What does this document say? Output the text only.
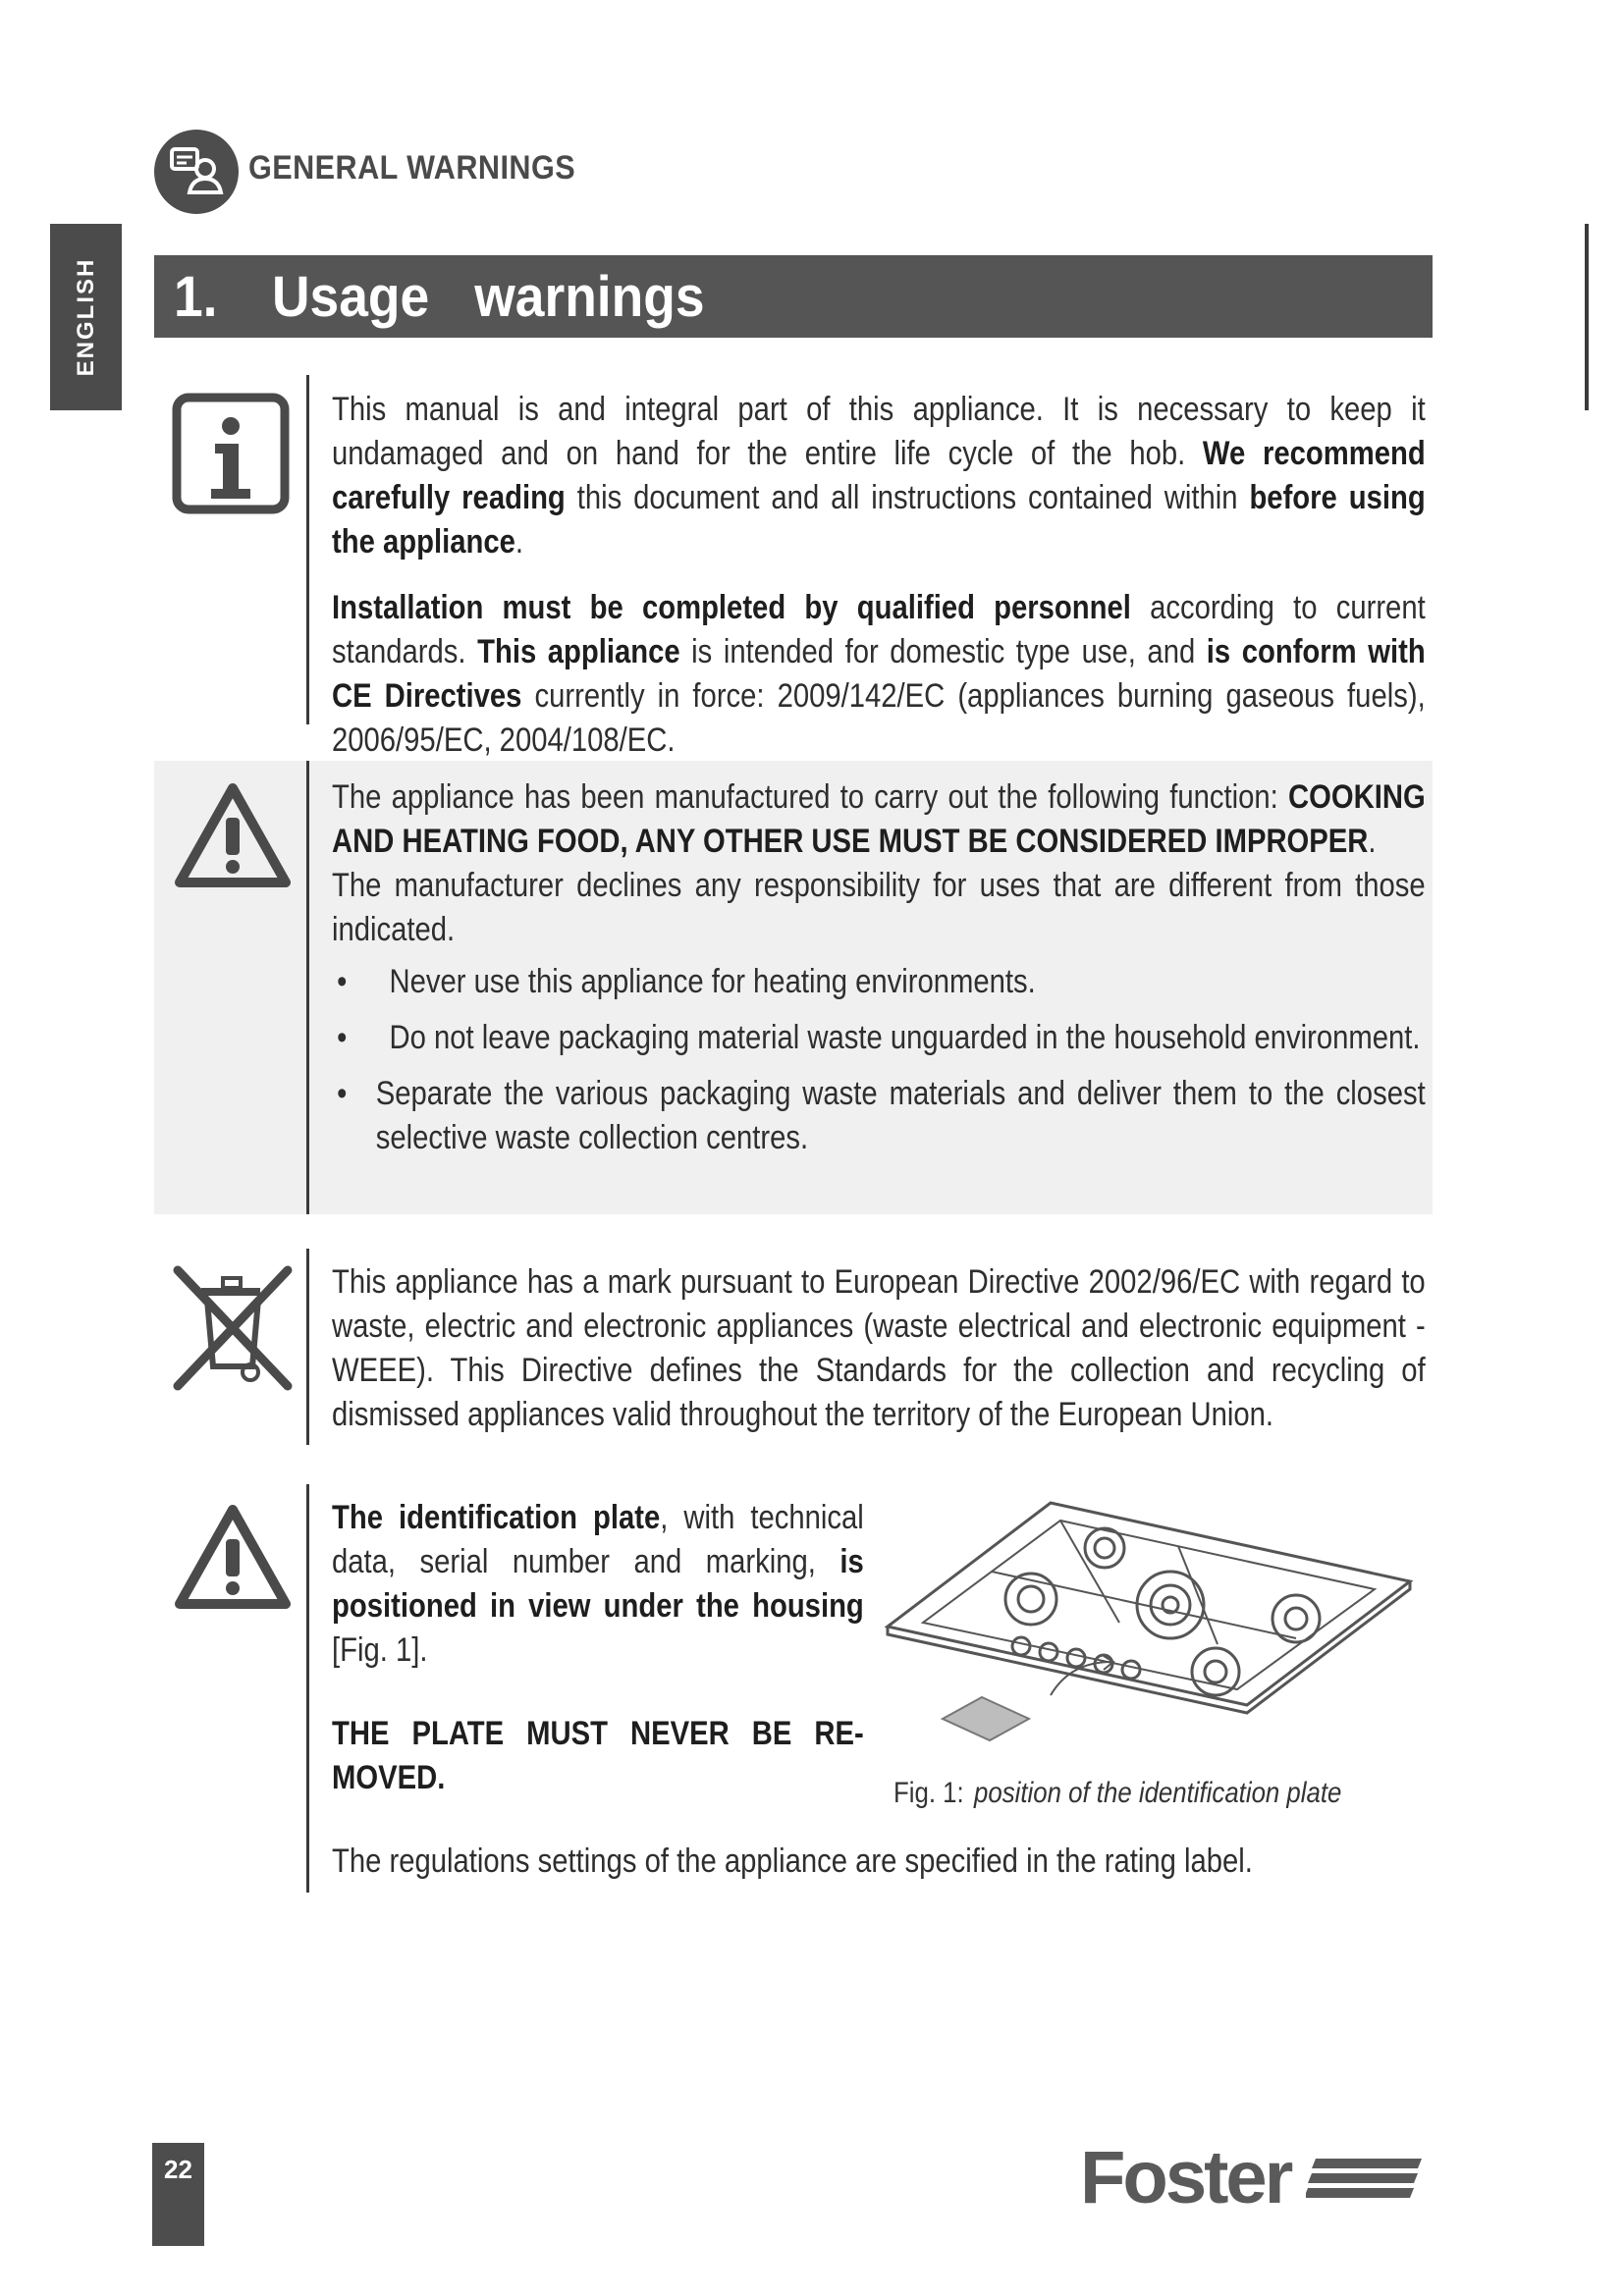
GENERAL WARNINGS
ENGLISH 1. Usage warnings

This manual is and integral part of this appliance. It is necessary to keep it undamaged and on hand for the entire life cycle of the hob. We recommend carefully reading this document and all instructions contained within before using the appliance.

Installation must be completed by qualified personnel according to current standards. This appliance is intended for domestic type use, and is conform with CE Directives currently in force: 2009/142/EC (appliances burning gaseous fuels), 2006/95/EC, 2004/108/EC.

The appliance has been manufactured to carry out the following function: COOKING AND HEATING FOOD, ANY OTHER USE MUST BE CONSIDERED IMPROPER.

The manufacturer declines any responsibility for uses that are different from those indicated.

• Never use this appliance for heating environments.
• Do not leave packaging material waste unguarded in the household environment.
• Separate the various packaging waste materials and deliver them to the closest selective waste collection centres.

This appliance has a mark pursuant to European Directive 2002/96/EC with regard to waste, electric and electronic appliances (waste electrical and electronic equipment - WEEE). This Directive defines the Standards for the collection and recycling of dismissed appliances valid throughout the territory of the European Union.

The identification plate, with technical data, serial number and marking, is positioned in view under the housing [Fig. 1].

THE PLATE MUST NEVER BE REMOVED.	Fig. 1: position of the identification plate
The regulations settings of the appliance are specified in the rating label.
22	Foster
